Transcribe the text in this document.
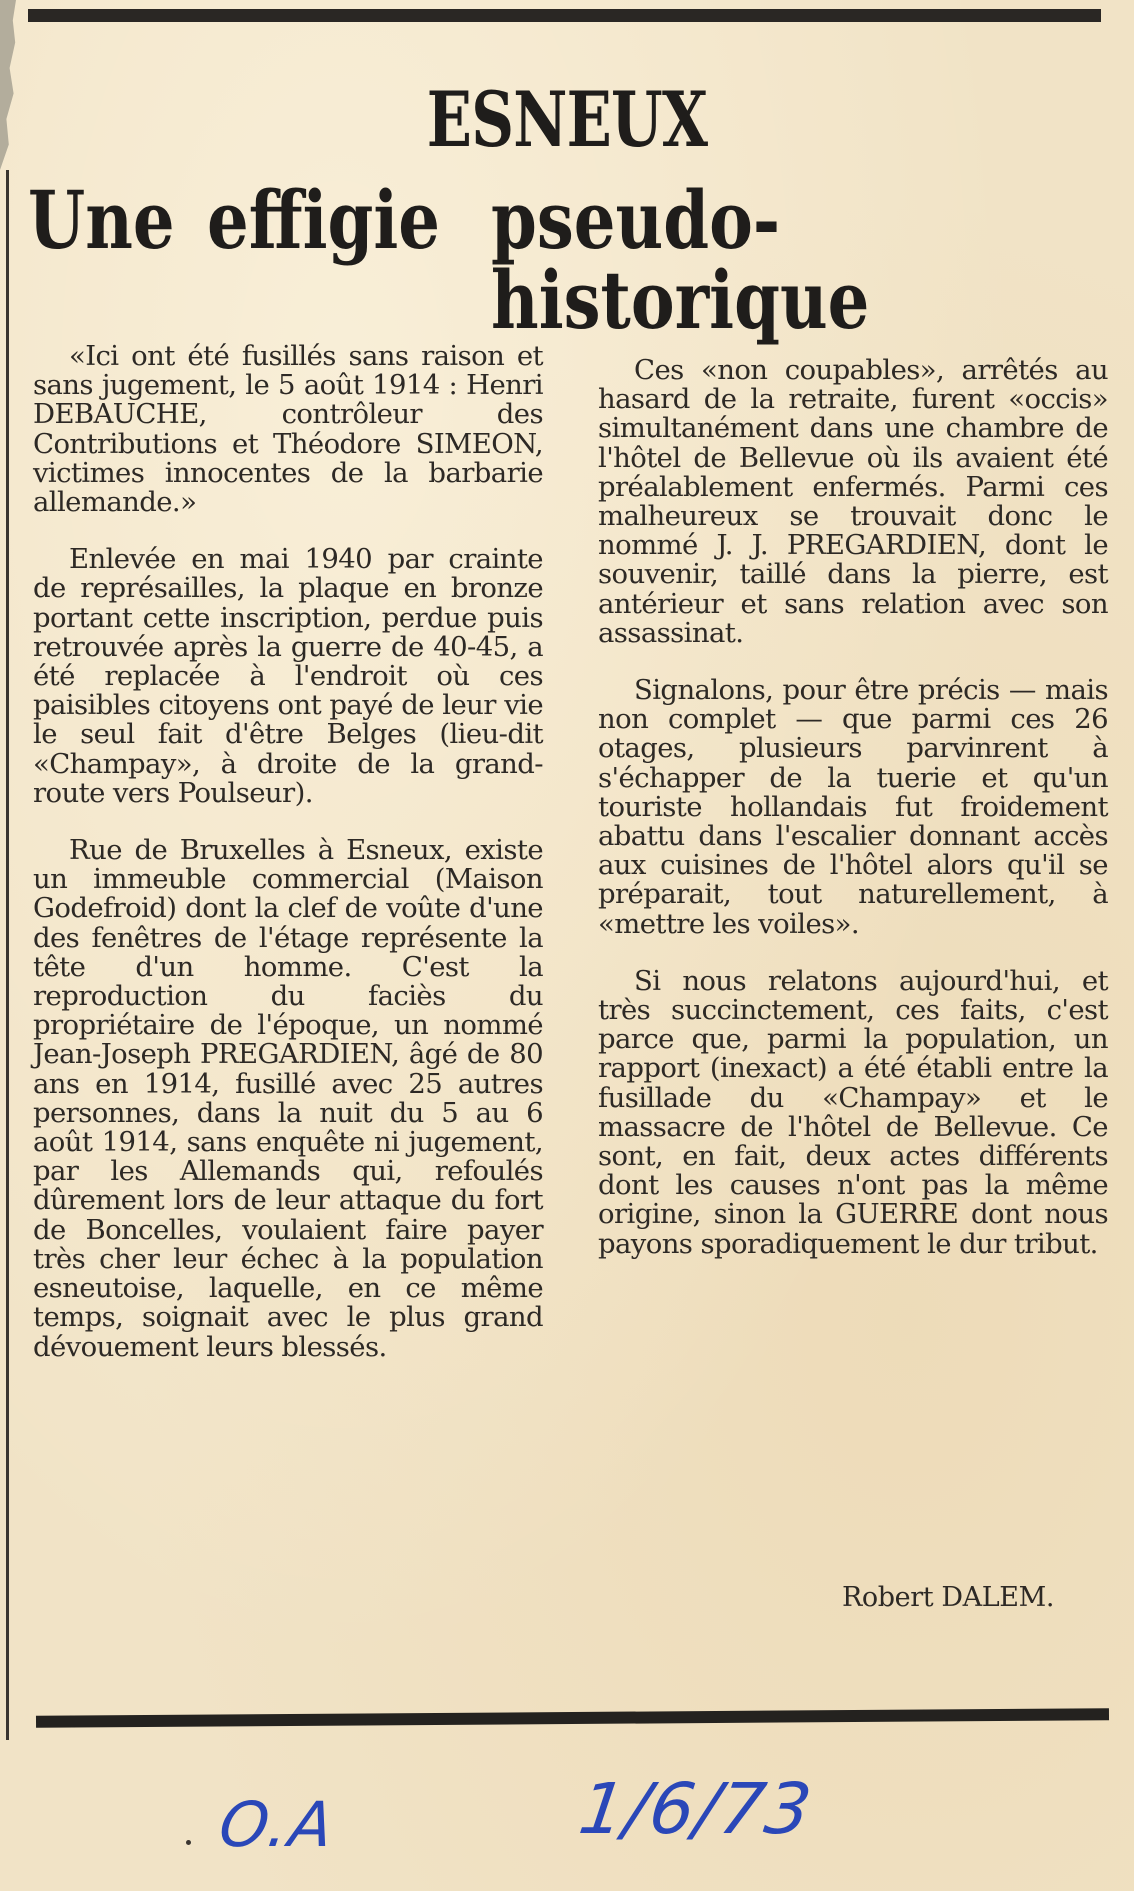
ESNEUX
Une effigie pseudo-historique

«Ici ont été fusillés sans raison et sans jugement, le 5 août 1914 : Henri DEBAUCHE, contrôleur des Contributions et Théodore SIMEON, victimes innocentes de la barbarie allemande.»

Enlevée en mai 1940 par crainte de représailles, la plaque en bronze portant cette inscription, perdue puis retrouvée après la guerre de 40-45, a été replacée à l'endroit où ces paisibles citoyens ont payé de leur vie le seul fait d'être Belges (lieu-dit «Champay», à droite de la grand-route vers Poulseur).

Rue de Bruxelles à Esneux, existe un immeuble commercial (Maison Godefroid) dont la clef de voûte d'une des fenêtres de l'étage représente la tête d'un homme. C'est la reproduction du faciès du propriétaire de l'époque, un nommé Jean-Joseph PREGARDIEN, âgé de 80 ans en 1914, fusillé avec 25 autres personnes, dans la nuit du 5 au 6 août 1914, sans enquête ni jugement, par les Allemands qui, refoulés dûrement lors de leur attaque du fort de Boncelles, voulaient faire payer très cher leur échec à la population esneutoise, laquelle, en ce même temps, soignait avec le plus grand dévouement leurs blessés.

Ces «non coupables», arrêtés au hasard de la retraite, furent «occis» simultanément dans une chambre de l'hôtel de Bellevue où ils avaient été préalablement enfermés. Parmi ces malheureux se trouvait donc le nommé J. J. PREGARDIEN, dont le souvenir, taillé dans la pierre, est antérieur et sans relation avec son assassinat.

Signalons, pour être précis — mais non complet — que parmi ces 26 otages, plusieurs parvinrent à s'échapper de la tuerie et qu'un touriste hollandais fut froidement abattu dans l'escalier donnant accès aux cuisines de l'hôtel alors qu'il se préparait, tout naturellement, à «mettre les voiles».

Si nous relatons aujourd'hui, et très succinctement, ces faits, c'est parce que, parmi la population, un rapport (inexact) a été établi entre la fusillade du «Champay» et le massacre de l'hôtel de Bellevue. Ce sont, en fait, deux actes différents dont les causes n'ont pas la même origine, sinon la GUERRE dont nous payons sporadiquement le dur tribut.

Robert DALEM.
O.A	1/6/73
